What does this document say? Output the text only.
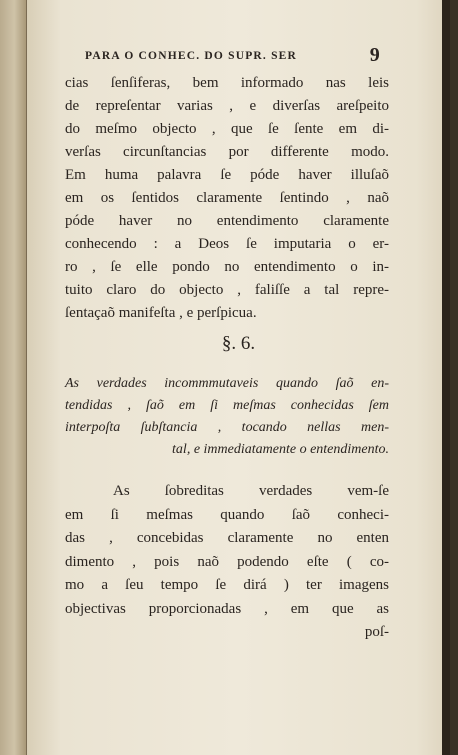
PARA O CONHEC. DO SUPR. SER	9
cias ſenſiferas, bem informado nas leis
de repreſentar varias , e diverſas areſpeito
do meſmo objecto , que ſe ſente em di-
verſas circunſtancias por differente modo.
Em huma palavra ſe póde haver illuſaõ
em os ſentidos claramente ſentindo , naõ
póde haver no entendimento claramente
conhecendo : a Deos ſe imputaria o er-
ro , ſe elle pondo no entendimento o in-
tuito claro do objecto , faliſſe a tal repre-
ſentaçaõ manifeſta , e perſpicua.
§. 6.
As verdades incommmutaveis quando ſaõ en-
tendidas , ſaõ em ſi meſmas conhecidas ſem
interpoſta ſubſtancia , tocando nellas men-
tal, e immediatamente o entendimento.
As ſobreditas verdades vem-ſe
em ſi meſmas quando ſaõ conheci-
das , concebidas claramente no enten
dimento , pois naõ podendo eſte ( co-
mo a ſeu tempo ſe dirá ) ter imagens
objectivas proporcionadas , em que as
poſ-
